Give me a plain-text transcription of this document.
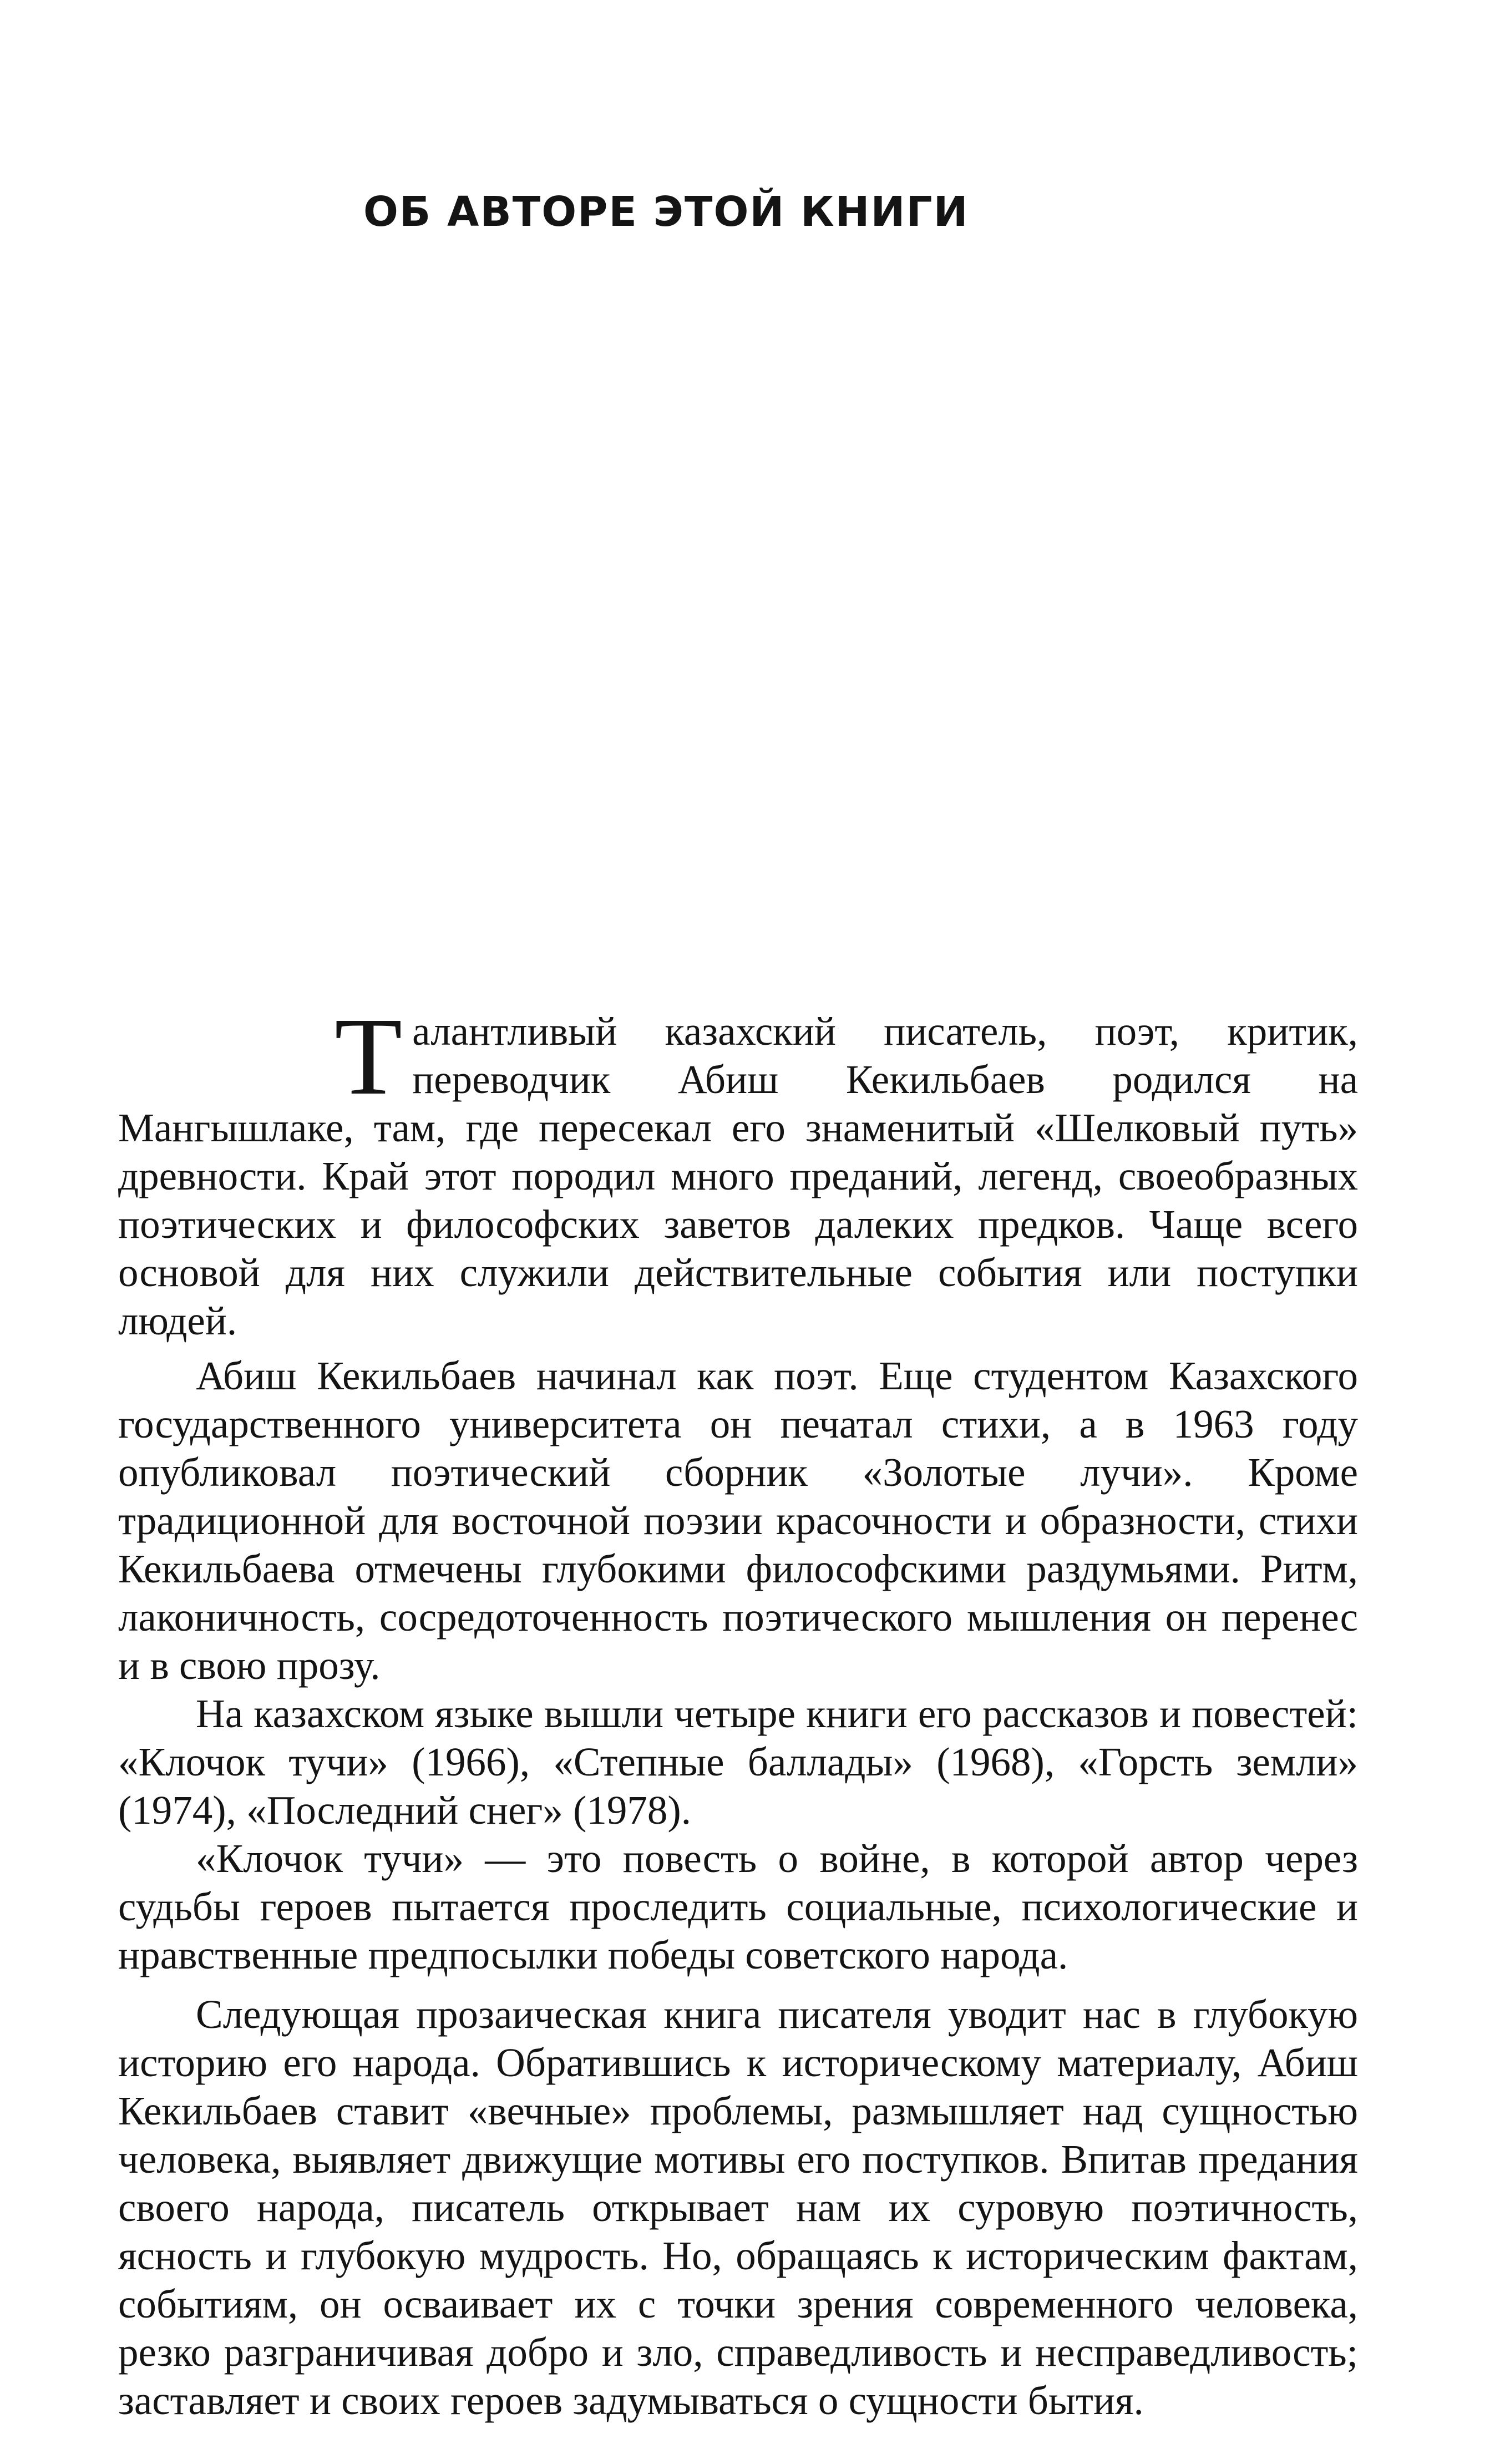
ОБ АВТОРЕ ЭТОЙ КНИГИ

Талантливый казахский писатель, поэт, критик, переводчик Абиш Кекильбаев родился на Мангышлаке, там, где пересекал его знаменитый «Шелковый путь» древности. Край этот породил много преданий, легенд, своеобразных поэтических и философских заветов далеких предков. Чаще всего основой для них служили действительные события или поступки людей.

Абиш Кекильбаев начинал как поэт. Еще студентом Казахского государственного университета он печатал стихи, а в 1963 году опубликовал поэтический сборник «Золотые лучи». Кроме традиционной для восточной поэзии красочности и образности, стихи Кекильбаева отмечены глубокими философскими раздумьями. Ритм, лаконичность, сосредоточенность поэтического мышления он перенес и в свою прозу.

На казахском языке вышли четыре книги его рассказов и повестей: «Клочок тучи» (1966), «Степные баллады» (1968), «Горсть земли» (1974), «Последний снег» (1978).

«Клочок тучи» — это повесть о войне, в которой автор через судьбы героев пытается проследить социальные, психологические и нравственные предпосылки победы советского народа.

Следующая прозаическая книга писателя уводит нас в глубокую историю его народа. Обратившись к историческому материалу, Абиш Кекильбаев ставит «вечные» проблемы, размышляет над сущностью человека, выявляет движущие мотивы его поступков. Впитав предания своего народа, писатель открывает нам их суровую поэтичность, ясность и глубокую мудрость. Но, обращаясь к историческим фактам, событиям, он осваивает их с точки зрения современного человека, резко разграничивая добро и зло, справедливость и несправедливость; заставляет и своих героев задумываться о сущности бытия.
